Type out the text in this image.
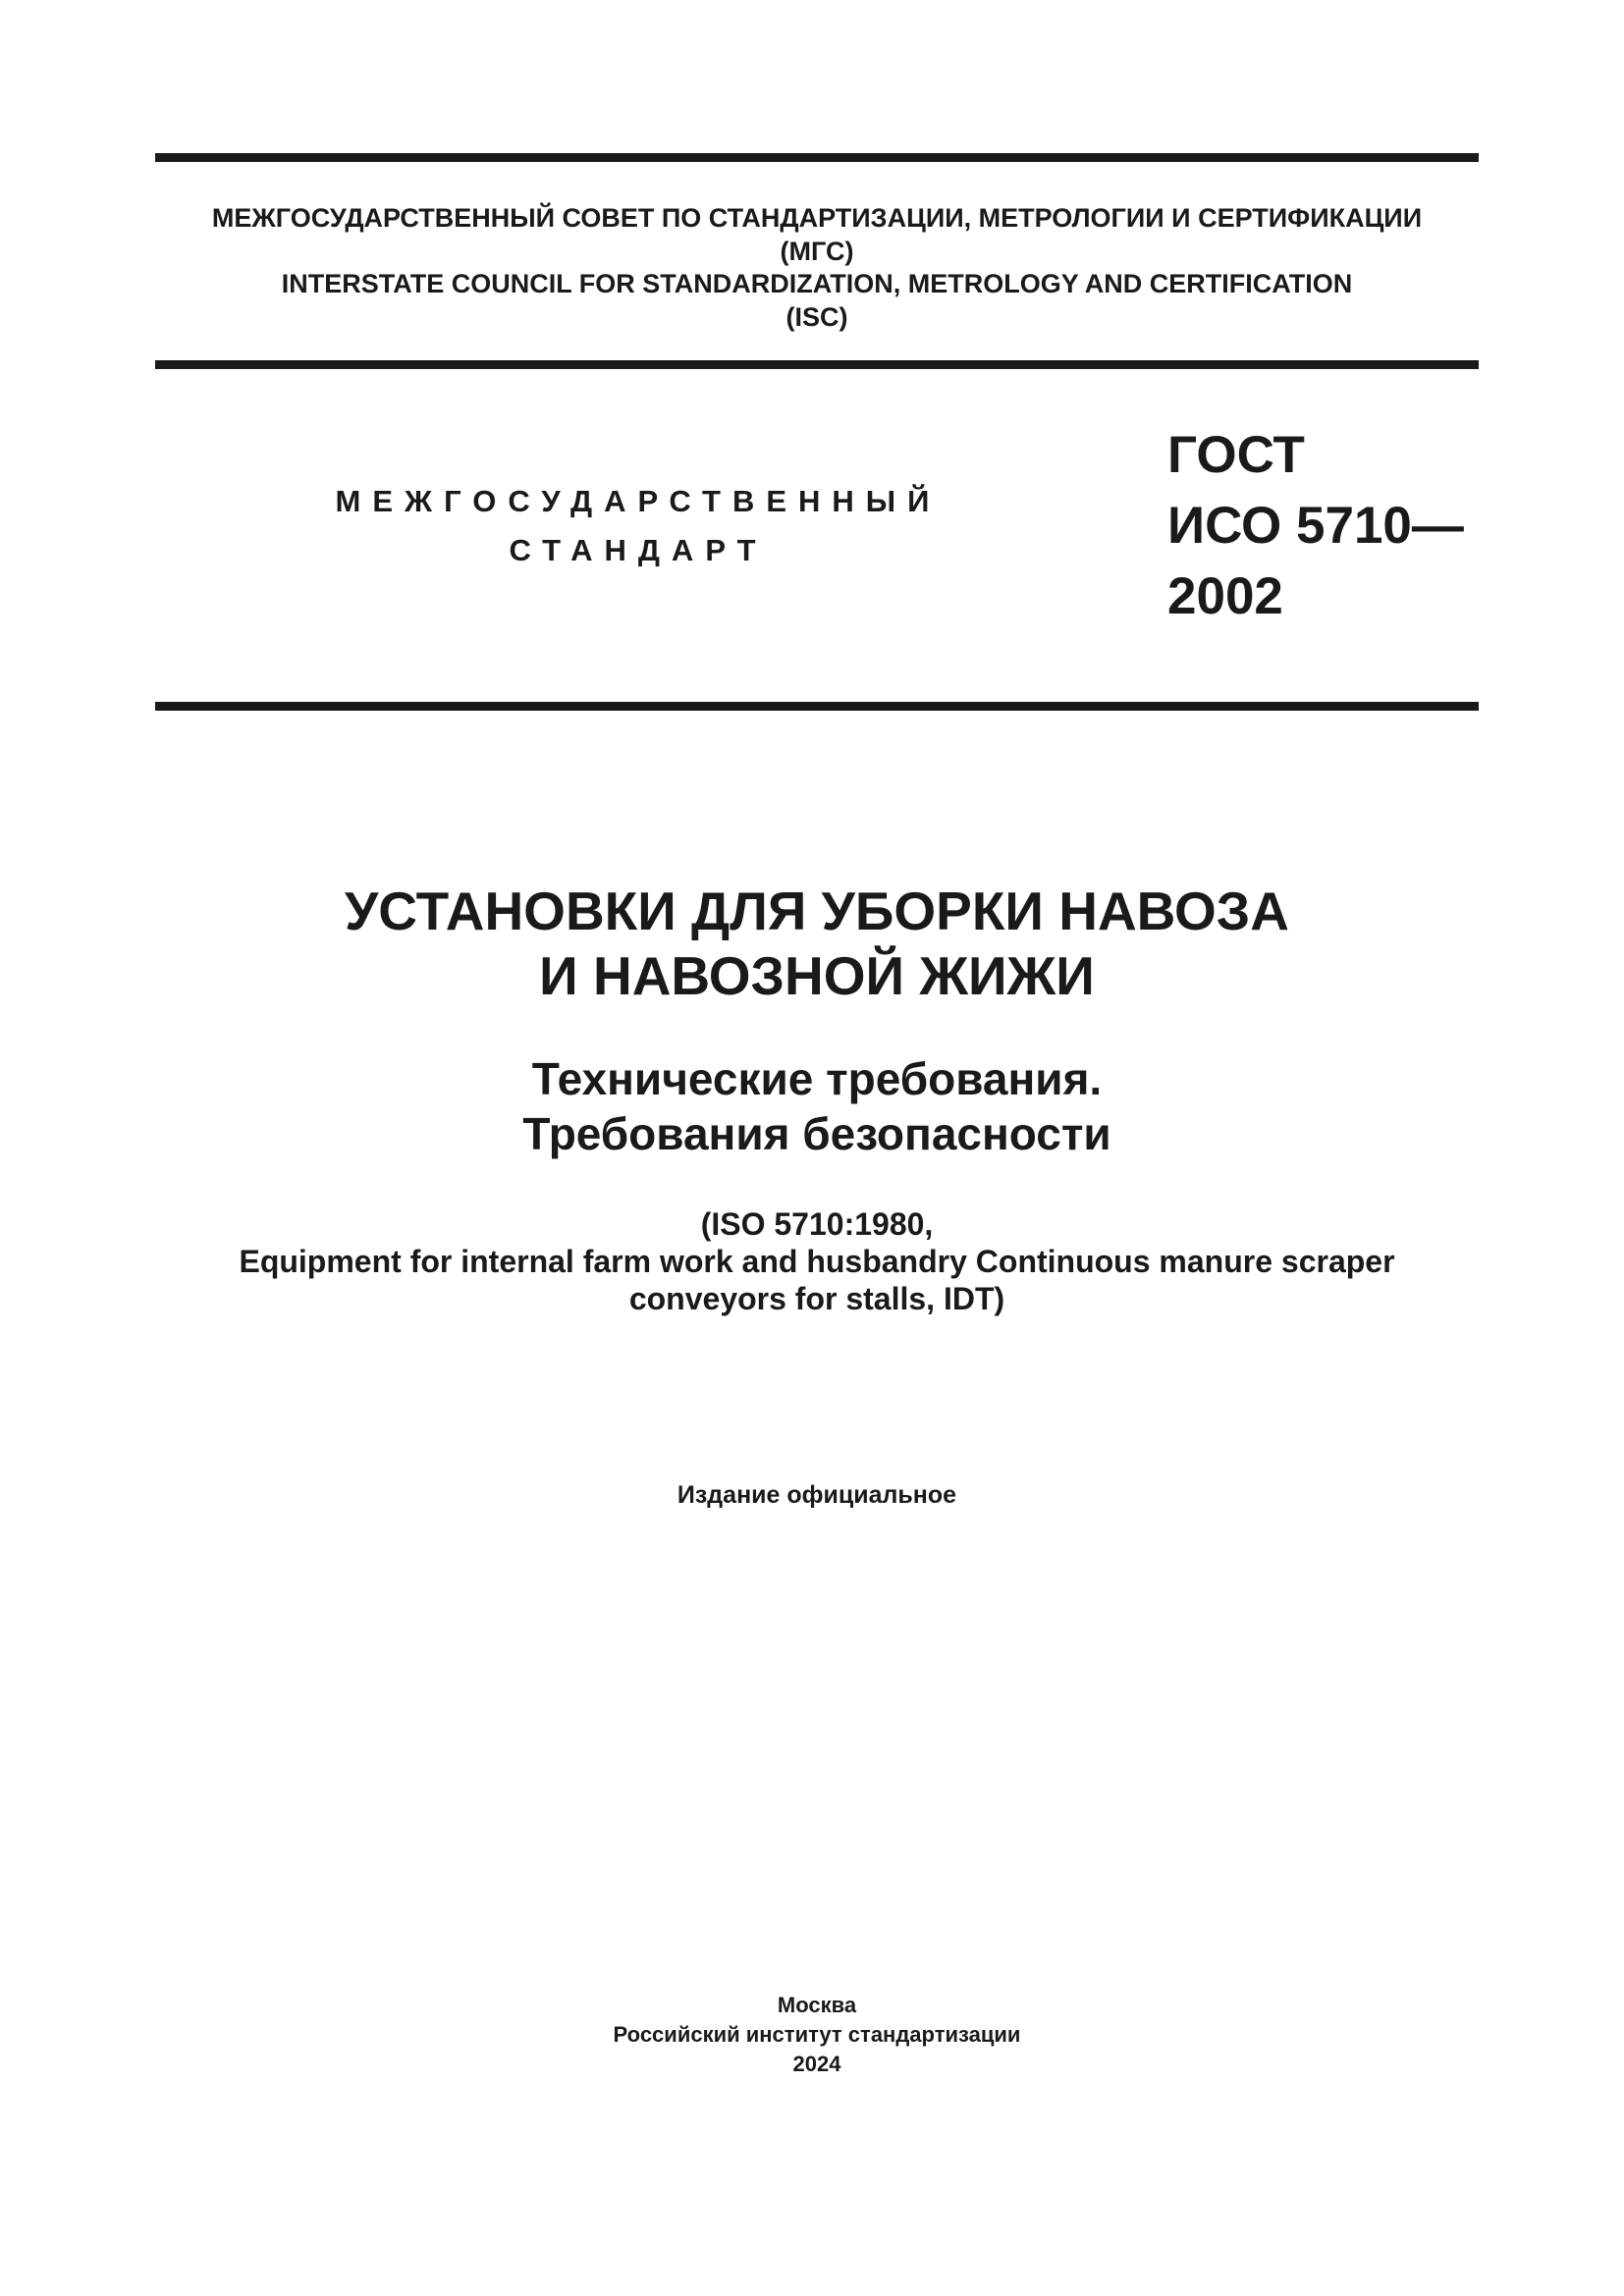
МЕЖГОСУДАРСТВЕННЫЙ СОВЕТ ПО СТАНДАРТИЗАЦИИ, МЕТРОЛОГИИ И СЕРТИФИКАЦИИ
(МГС)
INTERSTATE COUNCIL FOR STANDARDIZATION, METROLOGY AND CERTIFICATION
(ISC)
МЕЖГОСУДАРСТВЕННЫЙ
СТАНДАРТ
ГОСТ
ИСО 5710—
2002
УСТАНОВКИ ДЛЯ УБОРКИ НАВОЗА
И НАВОЗНОЙ ЖИЖИ
Технические требования.
Требования безопасности
(ISO 5710:1980,
Equipment for internal farm work and husbandry Continuous manure scraper
conveyors for stalls, IDT)
Издание официальное
Москва
Российский институт стандартизации
2024
